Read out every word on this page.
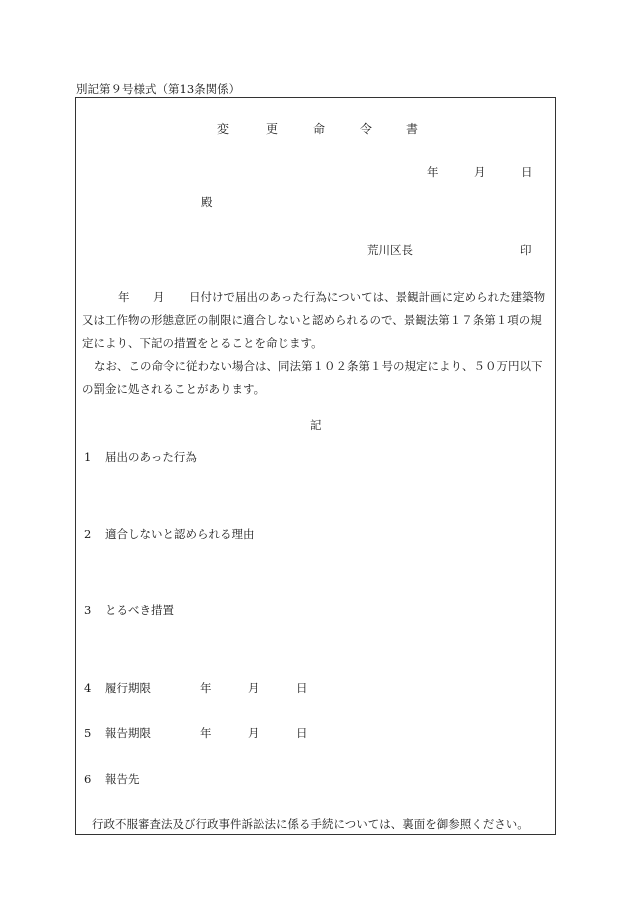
別記第９号様式（第13条関係）
変	更	命	令	書
年	月	日
殿
荒川区長	印
年 月 日付けで届出のあった行為については、景観計画に定められた建築物
又は工作物の形態意匠の制限に適合しないと認められるので、景観法第１７条第１項の規
定により、下記の措置をとることを命じます。
なお、この命令に従わない場合は、同法第１０２条第１号の規定により、５０万円以下
の罰金に処されることがあります。
記
1 届出のあった行為
2 適合しないと認められる理由
3 とるべき措置
4 履行期限	年	月	日
5 報告期限	年	月	日
6 報告先
行政不服審査法及び行政事件訴訟法に係る手続については、裏面を御参照ください。
